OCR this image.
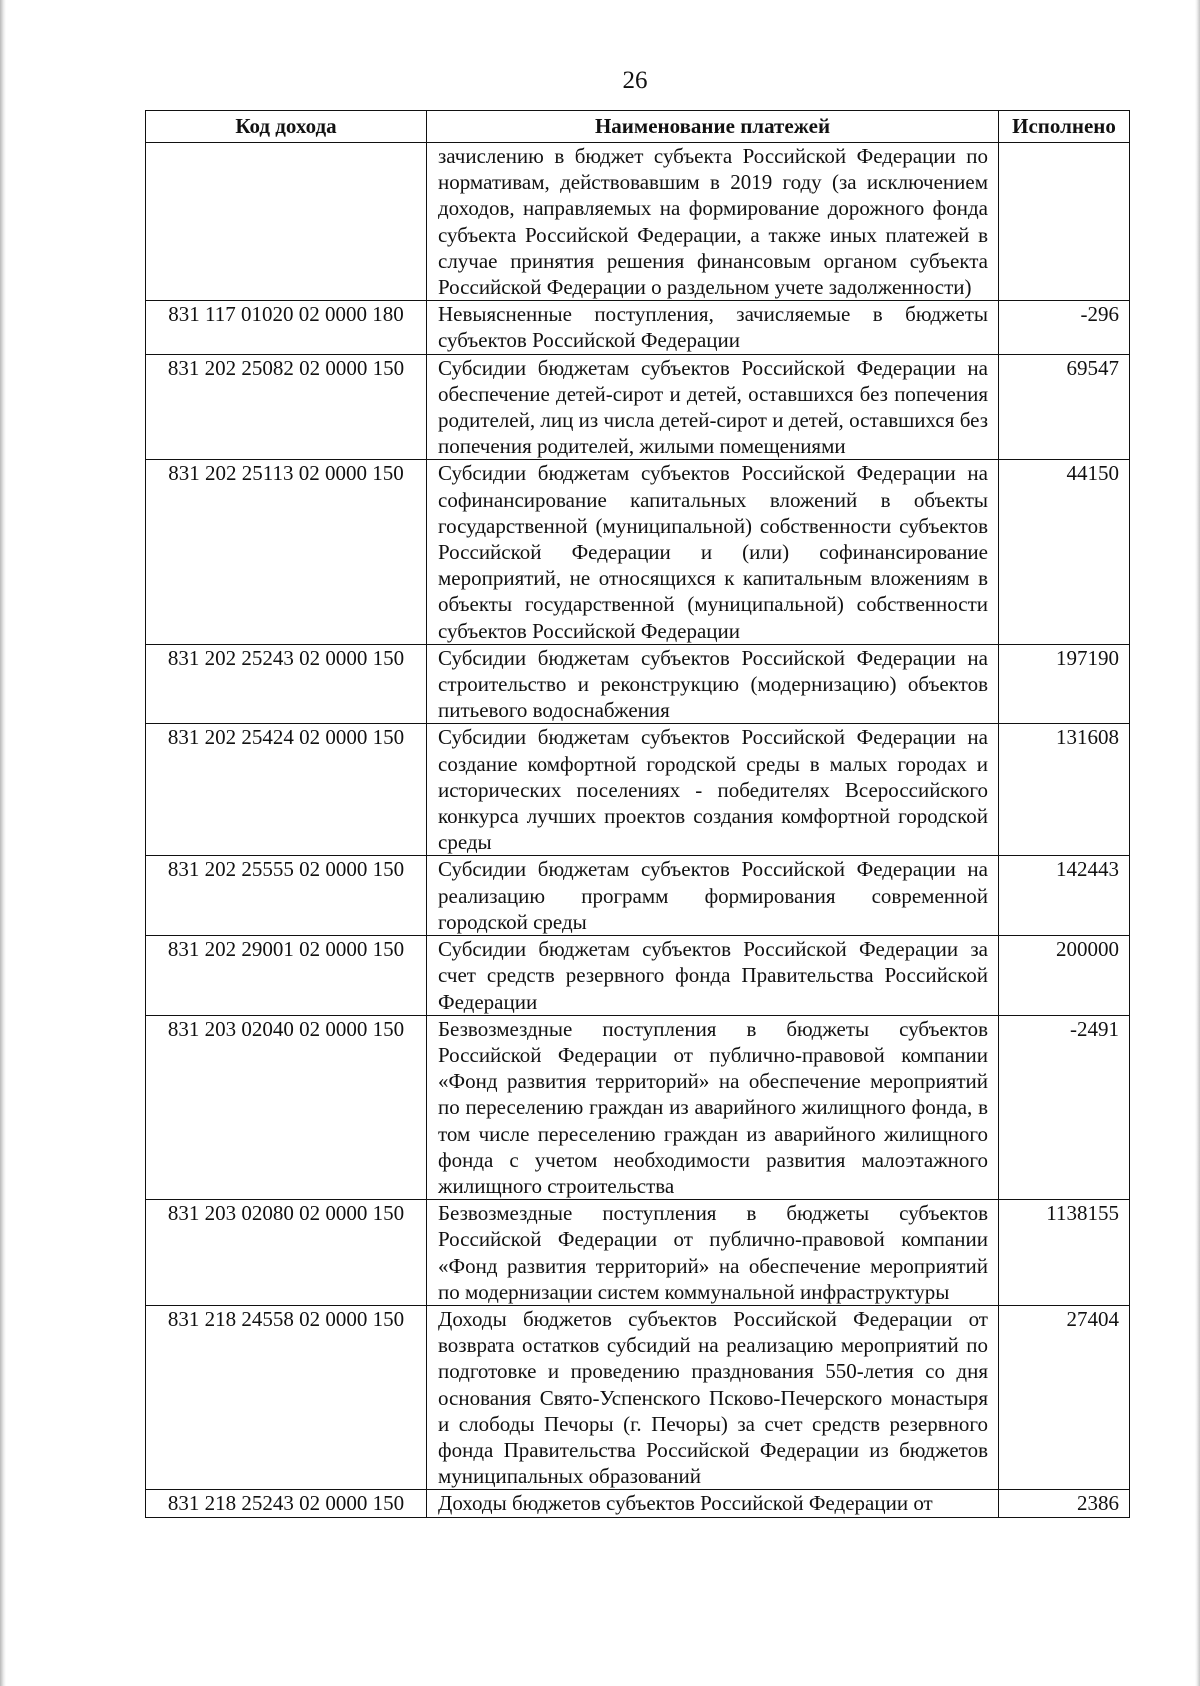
26
Код дохода	Наименование платежей	Исполнено
	зачислению в бюджет субъекта Российской Федерации по нормативам, действовавшим в 2019 году (за исключением доходов, направляемых на формирование дорожного фонда субъекта Российской Федерации, а также иных платежей в случае принятия решения финансовым органом субъекта Российской Федерации о раздельном учете задолженности)	
831 117 01020 02 0000 180	Невыясненные поступления, зачисляемые в бюджеты субъектов Российской Федерации	-296
831 202 25082 02 0000 150	Субсидии бюджетам субъектов Российской Федерации на обеспечение детей-сирот и детей, оставшихся без попечения родителей, лиц из числа детей-сирот и детей, оставшихся без попечения родителей, жилыми помещениями	69547
831 202 25113 02 0000 150	Субсидии бюджетам субъектов Российской Федерации на софинансирование капитальных вложений в объекты государственной (муниципальной) собственности субъектов Российской Федерации и (или) софинансирование мероприятий, не относящихся к капитальным вложениям в объекты государственной (муниципальной) собственности субъектов Российской Федерации	44150
831 202 25243 02 0000 150	Субсидии бюджетам субъектов Российской Федерации на строительство и реконструкцию (модернизацию) объектов питьевого водоснабжения	197190
831 202 25424 02 0000 150	Субсидии бюджетам субъектов Российской Федерации на создание комфортной городской среды в малых городах и исторических поселениях - победителях Всероссийского конкурса лучших проектов создания комфортной городской среды	131608
831 202 25555 02 0000 150	Субсидии бюджетам субъектов Российской Федерации на реализацию программ формирования современной городской среды	142443
831 202 29001 02 0000 150	Субсидии бюджетам субъектов Российской Федерации за счет средств резервного фонда Правительства Российской Федерации	200000
831 203 02040 02 0000 150	Безвозмездные поступления в бюджеты субъектов Российской Федерации от публично-правовой компании «Фонд развития территорий» на обеспечение мероприятий по переселению граждан из аварийного жилищного фонда, в том числе переселению граждан из аварийного жилищного фонда с учетом необходимости развития малоэтажного жилищного строительства	-2491
831 203 02080 02 0000 150	Безвозмездные поступления в бюджеты субъектов Российской Федерации от публично-правовой компании «Фонд развития территорий» на обеспечение мероприятий по модернизации систем коммунальной инфраструктуры	1138155
831 218 24558 02 0000 150	Доходы бюджетов субъектов Российской Федерации от возврата остатков субсидий на реализацию мероприятий по подготовке и проведению празднования 550-летия со дня основания Свято-Успенского Псково-Печерского монастыря и слободы Печоры (г. Печоры) за счет средств резервного фонда Правительства Российской Федерации из бюджетов муниципальных образований	27404
831 218 25243 02 0000 150	Доходы бюджетов субъектов Российской Федерации от	2386
